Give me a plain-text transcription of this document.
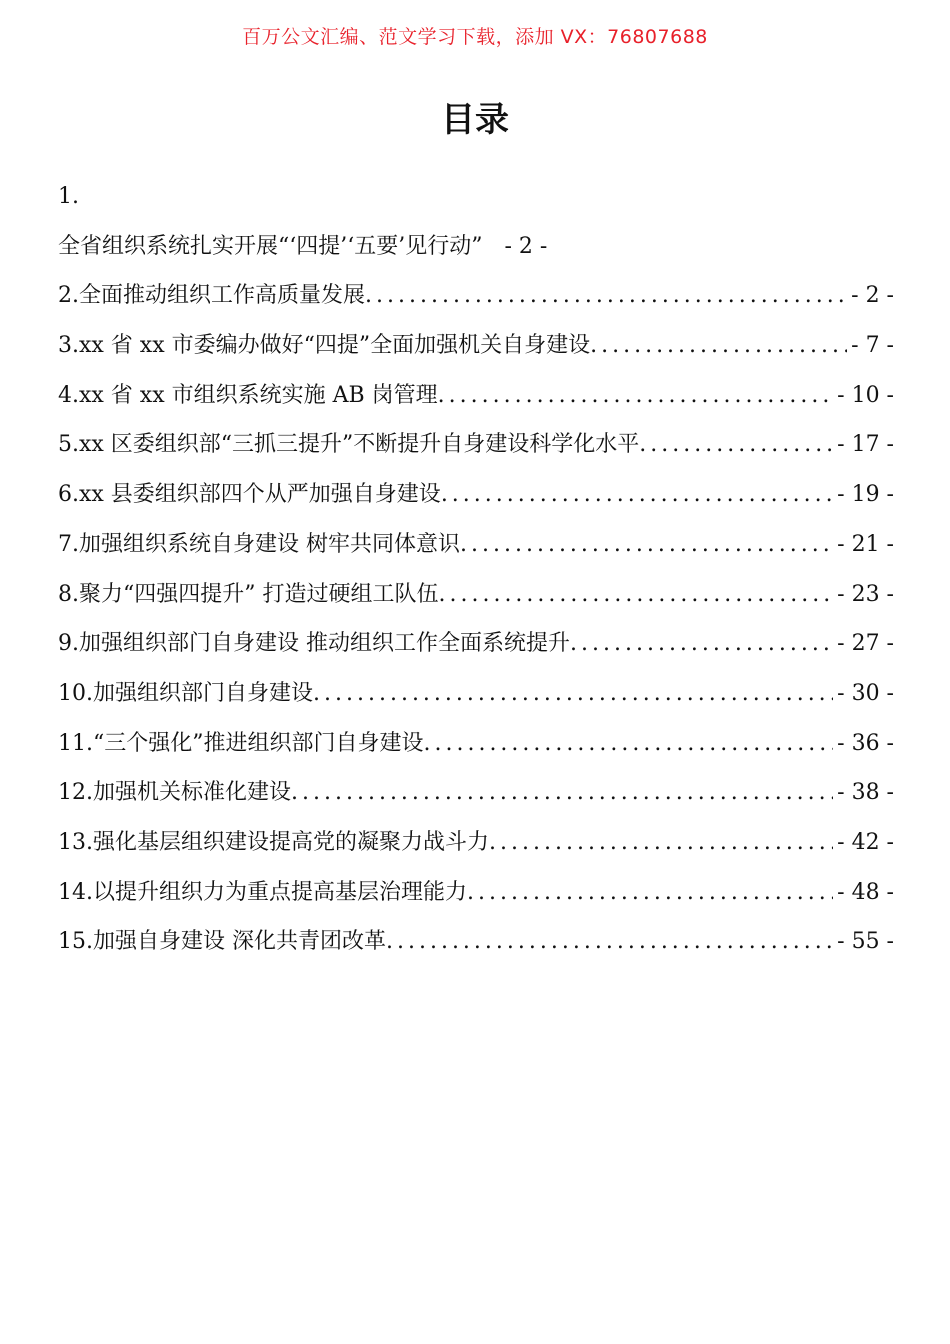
百万公文汇编、范文学习下载，添加 VX：76807688
目录
1.
全省组织系统扎实开展“‘四提’‘五要’见行动”	- 2 -
2.全面推动组织工作高质量发展 .....	- 2 -
3.xx 省 xx 市委编办做好“四提”全面加强机关自身建设 .....	- 7 -
4.xx 省 xx 市组织系统实施 AB 岗管理 .....	- 10 -
5.xx 区委组织部“三抓三提升”不断提升自身建设科学化水平 .....	- 17 -
6.xx 县委组织部四个从严加强自身建设 .....	- 19 -
7.加强组织系统自身建设 树牢共同体意识 .....	- 21 -
8.聚力“四强四提升” 打造过硬组工队伍 .....	- 23 -
9.加强组织部门自身建设 推动组织工作全面系统提升 .....	- 27 -
10.加强组织部门自身建设 .....	- 30 -
11.“三个强化”推进组织部门自身建设 .....	- 36 -
12.加强机关标准化建设 .....	- 38 -
13.强化基层组织建设提高党的凝聚力战斗力 .....	- 42 -
14.以提升组织力为重点提高基层治理能力 .....	- 48 -
15.加强自身建设 深化共青团改革 .....	- 55 -
